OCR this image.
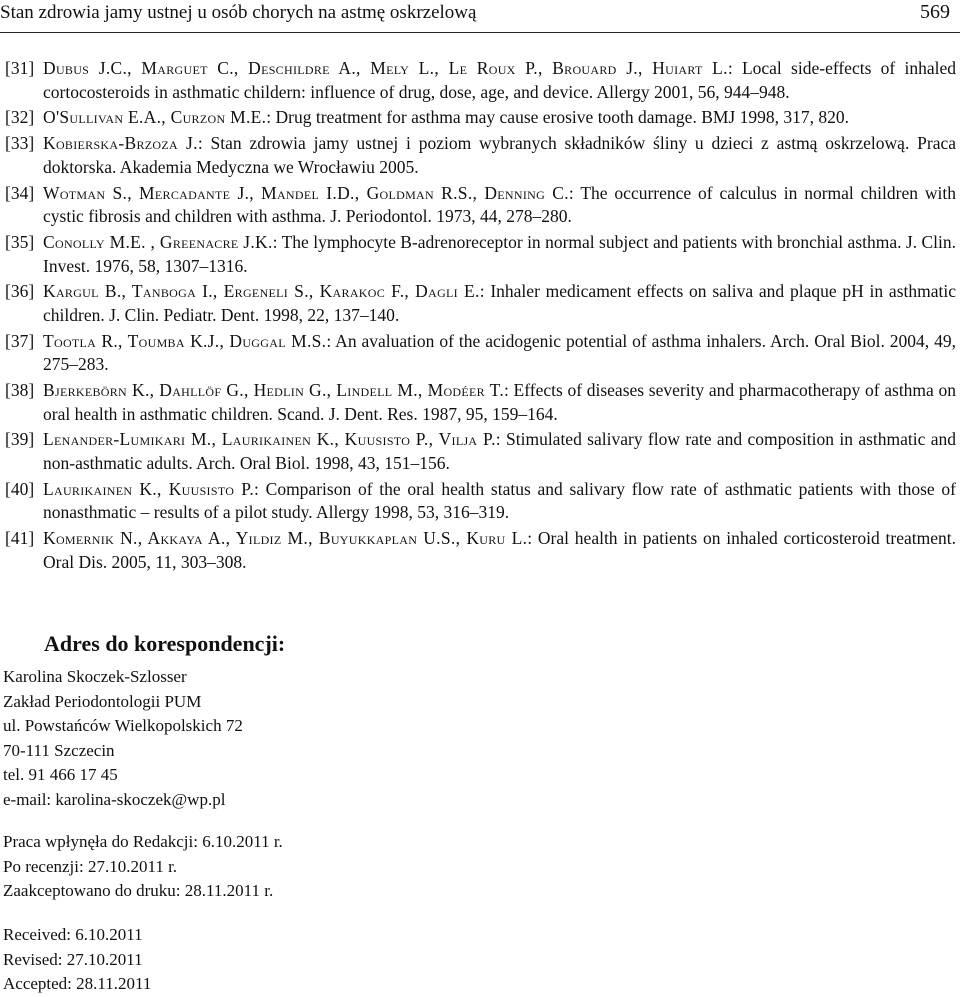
Stan zdrowia jamy ustnej u osób chorych na astmę oskrzelową	569
[31] Dubus J.C., Marguet C., Deschildre A., Mely L., Le Roux P., Brouard J., Huiart L.: Local side-effects of inhaled cortocosteroids in asthmatic childern: influence of drug, dose, age, and device. Allergy 2001, 56, 944–948.
[32] O'Sullivan E.A., Curzon M.E.: Drug treatment for asthma may cause erosive tooth damage. BMJ 1998, 317, 820.
[33] Kobierska-Brzoza J.: Stan zdrowia jamy ustnej i poziom wybranych składników śliny u dzieci z astmą oskrzelową. Praca doktorska. Akademia Medyczna we Wrocławiu 2005.
[34] Wotman S., Mercadante J., Mandel I.D., Goldman R.S., Denning C.: The occurrence of calculus in normal children with cystic fibrosis and children with asthma. J. Periodontol. 1973, 44, 278–280.
[35] Conolly M.E. , Greenacre J.K.: The lymphocyte B-adrenoreceptor in normal subject and patients with bronchial asthma. J. Clin. Invest. 1976, 58, 1307–1316.
[36] Kargul B., Tanboga I., Ergeneli S., Karakoc F., Dagli E.: Inhaler medicament effects on saliva and plaque pH in asthmatic children. J. Clin. Pediatr. Dent. 1998, 22, 137–140.
[37] Tootla R., Toumba K.J., Duggal M.S.: An avaluation of the acidogenic potential of asthma inhalers. Arch. Oral Biol. 2004, 49, 275–283.
[38] Bjerkebörn K., Dahllöf G., Hedlin G., Lindell M., Modéer T.: Effects of diseases severity and pharmacotherapy of asthma on oral health in asthmatic children. Scand. J. Dent. Res. 1987, 95, 159–164.
[39] Lenander-Lumikari M., Laurikainen K., Kuusisto P., Vilja P.: Stimulated salivary flow rate and composition in asthmatic and non-asthmatic adults. Arch. Oral Biol. 1998, 43, 151–156.
[40] Laurikainen K., Kuusisto P.: Comparison of the oral health status and salivary flow rate of asthmatic patients with those of nonasthmatic – results of a pilot study. Allergy 1998, 53, 316–319.
[41] Komernik N., Akkaya A., Yildiz M., Buyukkaplan U.S., Kuru L.: Oral health in patients on inhaled corticosteroid treatment. Oral Dis. 2005, 11, 303–308.
Adres do korespondencji:
Karolina Skoczek-Szlosser
Zakład Periodontologii PUM
ul. Powstańców Wielkopolskich 72
70-111 Szczecin
tel. 91 466 17 45
e-mail: karolina-skoczek@wp.pl
Praca wpłynęła do Redakcji: 6.10.2011 r.
Po recenzji: 27.10.2011 r.
Zaakceptowano do druku: 28.11.2011 r.
Received: 6.10.2011
Revised: 27.10.2011
Accepted: 28.11.2011
